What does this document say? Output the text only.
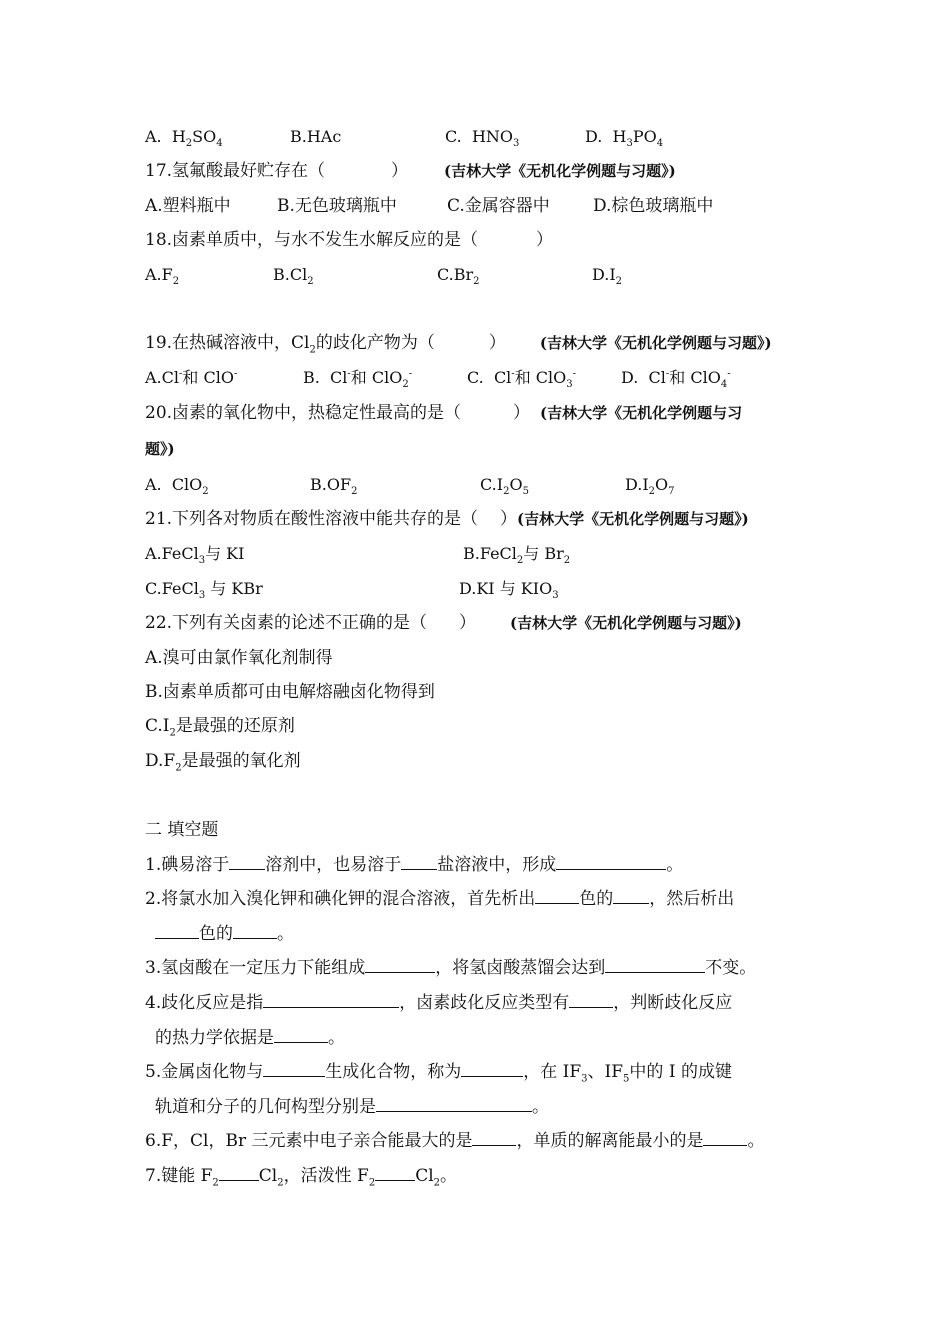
A. $H_2SO_4$	B.HAc	C. $HNO_3$	D. $H_3PO_4$
17.氢氟酸最好贮存在（	） (吉林大学《无机化学例题与习题》)
A.塑料瓶中	B.无色玻璃瓶中	C.金属容器中	D.棕色玻璃瓶中
18.卤素单质中，与水不发生水解反应的是（	）
$A.F_2$	$B.Cl_2$	$C.Br_2$	$D.I_2$
19.在热碱溶液中，$Cl_2$的歧化产物为（	） (吉林大学《无机化学例题与习题》)
A.Cl-和 ClO-	B. Cl-和 ClO$_2$-	C. Cl-和 ClO$_3$-	D. Cl-和 ClO$_4$-
20.卤素的氧化物中，热稳定性最高的是（	） (吉林大学《无机化学例题与习
题》)
A. ClO$_2$	$B.OF_2$	$C.I_2O_5$	$D.I_2O_7$
21.下列各对物质在酸性溶液中能共存的是（ ）(吉林大学《无机化学例题与习题》)
A.FeCl$_3$与 KI	B.FeCl$_2$与 $Br_2$
C.FeCl$_3$ 与 KBr	D.KI 与 $KIO_3$
22.下列有关卤素的论述不正确的是（ ） (吉林大学《无机化学例题与习题》)
A.溴可由氯作氧化剂制得
B.卤素单质都可由电解熔融卤化物得到
$C.I_2$是最强的还原剂
$D.F_2$是最强的氧化剂
二 填空题
1.碘易溶于 溶剂中，也易溶于 盐溶液中，形成	。
2.将氯水加入溴化钾和碘化钾的混合溶液，首先析出	色的 ，然后析出
色的	。
3.氢卤酸在一定压力下能组成	，将氢卤酸蒸馏会达到	不变。
4.歧化反应是指	，卤素歧化反应类型有	，判断歧化反应
的热力学依据是	。
5.金属卤化物与	生成化合物，称为	，在 $IF_3$、$IF_5$中的 I 的成键
轨道和分子的几何构型分别是	。
6.F，Cl，Br 三元素中电子亲合能最大的是	，单质的解离能最小的是	。
7.键能 $F_2$ $Cl_2$，活泼性 $F_2$ $Cl_2$。
